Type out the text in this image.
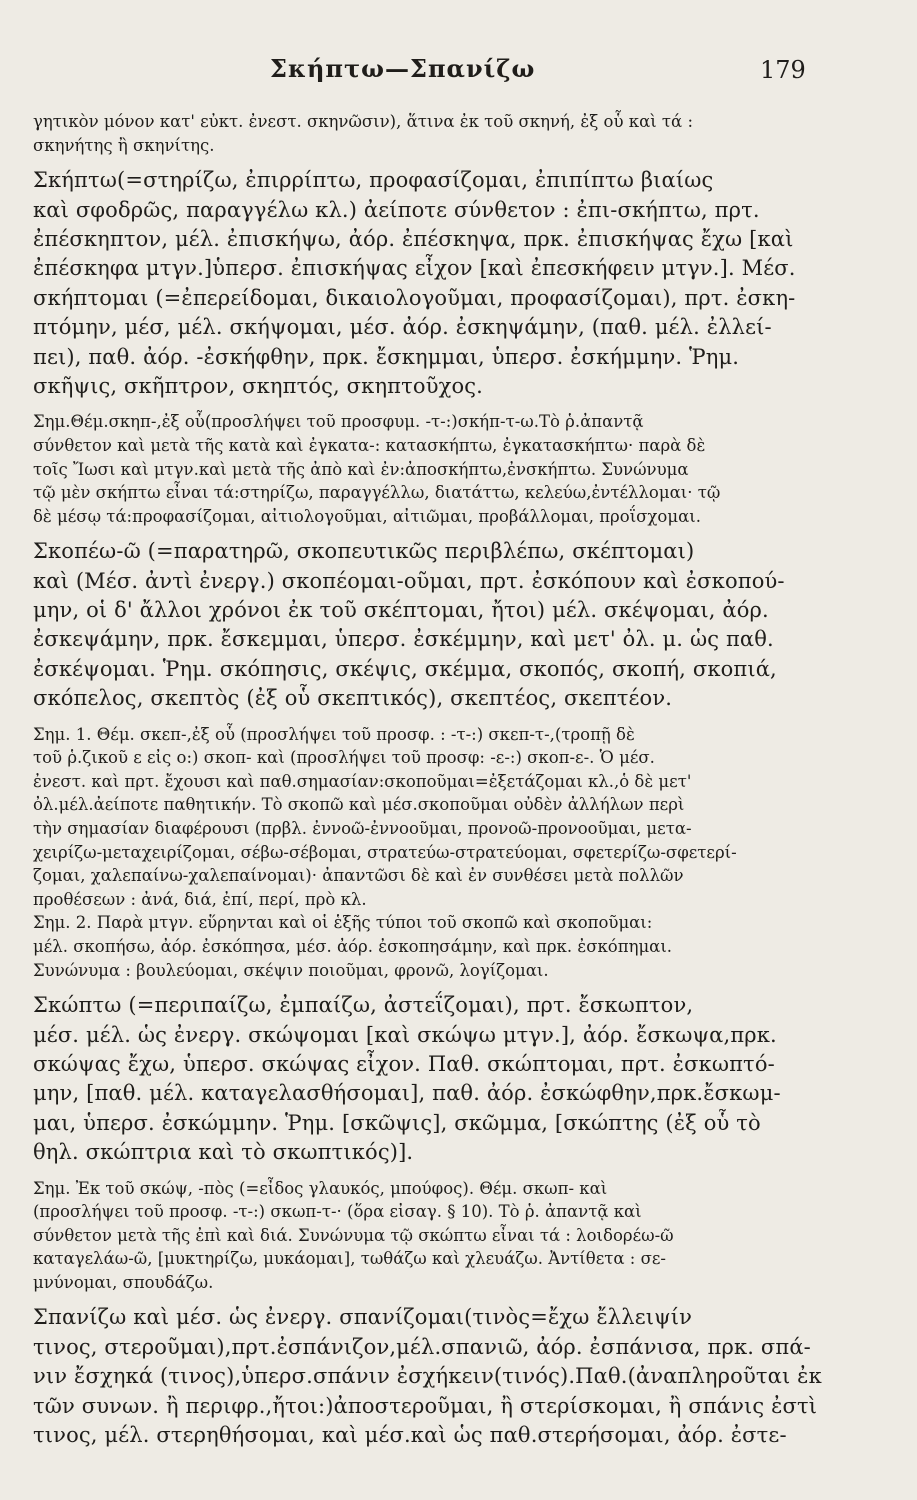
Σκήπτω—Σπανίζω	179
γητικὸν μόνον κατ' εὐκτ. ἐνεστ. σκηνῶσιν), ἅτινα ἐκ τοῦ σκηνή, ἐξ οὗ καὶ τά :
σκηνήτης ἢ σκηνίτης.
Σκήπτω(=στηρίζω, ἐπιρρίπτω, προφασίζομαι, ἐπιπίπτω βιαίως
καὶ σφοδρῶς, παραγγέλω κλ.) ἀείποτε σύνθετον : ἐπι-σκήπτω, πρτ.
ἐπέσκηπτον, μέλ. ἐπισκήψω, ἀόρ. ἐπέσκηψα, πρκ. ἐπισκήψας ἔχω [καὶ
ἐπέσκηφα μτγν.]ὑπερσ. ἐπισκήψας εἶχον [καὶ ἐπεσκήφειν μτγν.]. Μέσ.
σκήπτομαι (=ἐπερείδομαι, δικαιολογοῦμαι, προφασίζομαι), πρτ. ἐσκη-
πτόμην, μέσ, μέλ. σκήψομαι, μέσ. ἀόρ. ἐσκηψάμην, (παθ. μέλ. ἐλλεί-
πει), παθ. ἀόρ. -ἐσκήφθην, πρκ. ἔσκημμαι, ὑπερσ. ἐσκήμμην. Ῥημ.
σκῆψις, σκῆπτρον, σκηπτός, σκηπτοῦχος.
Σημ.Θέμ.σκηπ-,ἐξ οὗ(προσλήψει τοῦ προσφυμ. -τ-:)σκήπ-τ-ω.Τὸ ῥ.ἀπαντᾷ
σύνθετον καὶ μετὰ τῆς κατὰ καὶ ἐγκατα-: κατασκήπτω, ἐγκατασκήπτω· παρὰ δὲ
τοῖς Ἴωσι καὶ μτγν.καὶ μετὰ τῆς ἀπὸ καὶ ἐν:ἀποσκήπτω,ἐνσκήπτω. Συνώνυμα
τῷ μὲν σκήπτω εἶναι τά:στηρίζω, παραγγέλλω, διατάττω, κελεύω,ἐντέλλομαι· τῷ
δὲ μέσῳ τά:προφασίζομαι, αἰτιολογοῦμαι, αἰτιῶμαι, προβάλλομαι, προΐσχομαι.
Σκοπέω-ῶ (=παρατηρῶ, σκοπευτικῶς περιβλέπω, σκέπτομαι)
καὶ (Μέσ. ἀντὶ ἐνεργ.) σκοπέομαι-οῦμαι, πρτ. ἐσκόπουν καὶ ἐσκοπού-
μην, οἱ δ' ἄλλοι χρόνοι ἐκ τοῦ σκέπτομαι, ἤτοι) μέλ. σκέψομαι, ἀόρ.
ἐσκεψάμην, πρκ. ἔσκεμμαι, ὑπερσ. ἐσκέμμην, καὶ μετ' ὀλ. μ. ὡς παθ.
ἐσκέψομαι. Ῥημ. σκόπησις, σκέψις, σκέμμα, σκοπός, σκοπή, σκοπιά,
σκόπελος, σκεπτὸς (ἐξ οὗ σκεπτικός), σκεπτέος, σκεπτέον.
Σημ. 1. Θέμ. σκεπ-,ἐξ οὗ (προσλήψει τοῦ προσφ. : -τ-:) σκεπ-τ-,(τροπῇ δὲ
τοῦ ῥ.ζικοῦ ε εἰς ο:) σκοπ- καὶ (προσλήψει τοῦ προσφ: -ε-:) σκοπ-ε-. Ὁ μέσ.
ἐνεστ. καὶ πρτ. ἔχουσι καὶ παθ.σημασίαν:σκοποῦμαι=ἐξετάζομαι κλ.,ὁ δὲ μετ'
ὀλ.μέλ.ἀείποτε παθητικήν. Τὸ σκοπῶ καὶ μέσ.σκοποῦμαι οὐδὲν ἀλλήλων περὶ
τὴν σημασίαν διαφέρουσι (πρβλ. ἐννοῶ-ἐννοοῦμαι, προνοῶ-προνοοῦμαι, μετα-
χειρίζω-μεταχειρίζομαι, σέβω-σέβομαι, στρατεύω-στρατεύομαι, σφετερίζω-σφετερί-
ζομαι, χαλεπαίνω-χαλεπαίνομαι)· ἀπαντῶσι δὲ καὶ ἐν συνθέσει μετὰ πολλῶν
προθέσεων : ἀνά, διά, ἐπί, περί, πρὸ κλ.
Σημ. 2. Παρὰ μτγν. εὕρηνται καὶ οἱ ἑξῆς τύποι τοῦ σκοπῶ καὶ σκοποῦμαι:
μέλ. σκοπήσω, ἀόρ. ἐσκόπησα, μέσ. ἀόρ. ἐσκοπησάμην, καὶ πρκ. ἐσκόπημαι.
Συνώνυμα : βουλεύομαι, σκέψιν ποιοῦμαι, φρονῶ, λογίζομαι.
Σκώπτω (=περιπαίζω, ἐμπαίζω, ἀστεΐζομαι), πρτ. ἔσκωπτον,
μέσ. μέλ. ὡς ἐνεργ. σκώψομαι [καὶ σκώψω μτγν.], ἀόρ. ἔσκωψα,πρκ.
σκώψας ἔχω, ὑπερσ. σκώψας εἶχον. Παθ. σκώπτομαι, πρτ. ἐσκωπτό-
μην, [παθ. μέλ. καταγελασθήσομαι], παθ. ἀόρ. ἐσκώφθην,πρκ.ἔσκωμ-
μαι, ὑπερσ. ἐσκώμμην. Ῥημ. [σκῶψις], σκῶμμα, [σκώπτης (ἐξ οὗ τὸ
θηλ. σκώπτρια καὶ τὸ σκωπτικός)].
Σημ. Ἐκ τοῦ σκώψ, -πὸς (=εἶδος γλαυκός, μπούφος). Θέμ. σκωπ- καὶ
(προσλήψει τοῦ προσφ. -τ-:) σκωπ-τ-· (ὅρα εἰσαγ. § 10). Τὸ ῥ. ἀπαντᾷ καὶ
σύνθετον μετὰ τῆς ἐπὶ καὶ διά. Συνώνυμα τῷ σκώπτω εἶναι τά : λοιδορέω-ῶ
καταγελάω-ῶ, [μυκτηρίζω, μυκάομαι], τωθάζω καὶ χλευάζω. Ἀντίθετα : σε-
μνύνομαι, σπουδάζω.
Σπανίζω καὶ μέσ. ὡς ἐνεργ. σπανίζομαι(τινὸς=ἔχω ἔλλειψίν
τινος, στεροῦμαι),πρτ.ἐσπάνιζον,μέλ.σπανιῶ, ἀόρ. ἐσπάνισα, πρκ. σπά-
νιν ἔσχηκά (τινος),ὑπερσ.σπάνιν ἐσχήκειν(τινός).Παθ.(ἀναπληροῦται ἐκ
τῶν συνων. ἢ περιφρ.,ἤτοι:)ἀποστεροῦμαι, ἢ στερίσκομαι, ἢ σπάνις ἐστὶ
τινος, μέλ. στερηθήσομαι, καὶ μέσ.καὶ ὡς παθ.στερήσομαι, ἀόρ. ἐστε-
